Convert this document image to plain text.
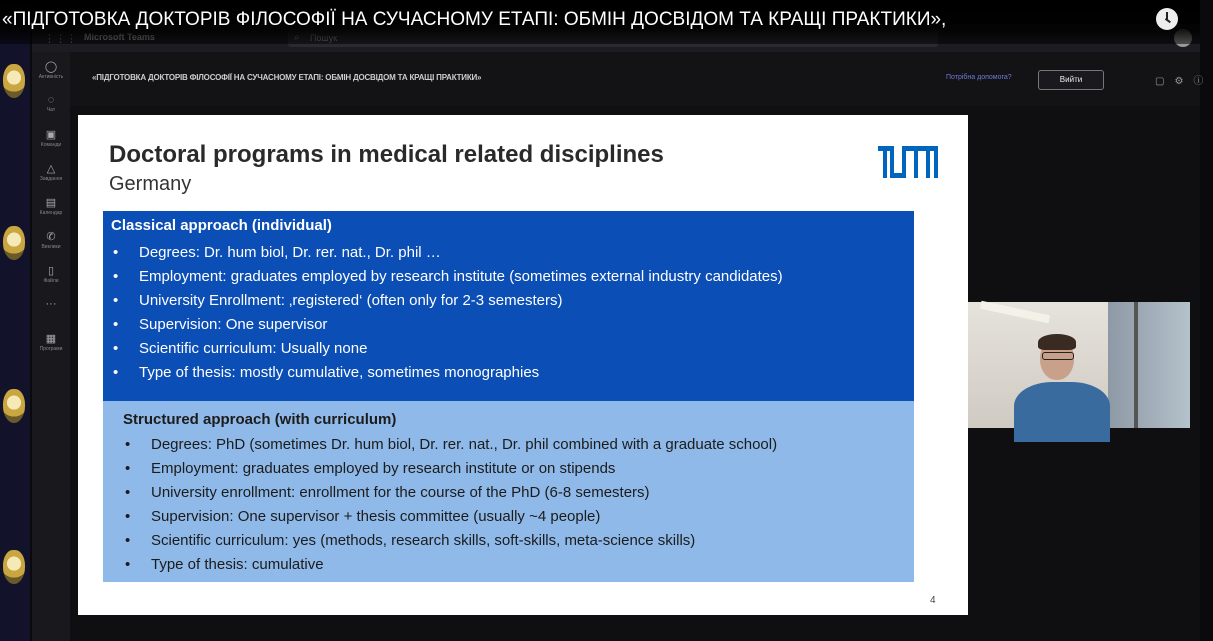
◯
Активність
◌
Чат
▣
Команди
△
Завдання
▤
Календар
✆
Виклики
▯
Файли
···
▦
Програми
«ПІДГОТОВКА ДОКТОРІВ ФІЛОСОФІЇ НА СУЧАСНОМУ ЕТАПІ: ОБМІН ДОСВІДОМ ТА КРАЩІ ПРАКТИКИ»	Потрібна допомога?	Вийти	▢⚙ⓘ
«ПІДГОТОВКА ДОКТОРІВ ФІЛОСОФІЇ НА СУЧАСНОМУ ЕТАПІ: ОБМІН ДОСВІДОМ ТА КРАЩІ ПРАКТИКИ»,
Doctoral programs in medical related disciplines
Germany
Classical approach (individual)
• Degrees: Dr. hum biol, Dr. rer. nat., Dr. phil …
• Employment: graduates employed by research institute (sometimes external industry candidates)
• University Enrollment: ‚registered‘ (often only for 2-3 semesters)
• Supervision: One supervisor
• Scientific curriculum: Usually none
• Type of thesis: mostly cumulative, sometimes monographies
Structured approach (with curriculum)
• Degrees: PhD (sometimes Dr. hum biol, Dr. rer. nat., Dr. phil combined with a graduate school)
• Employment: graduates employed by research institute or on stipends
• University enrollment: enrollment for the course of the PhD (6-8 semesters)
• Supervision: One supervisor + thesis committee (usually ~4 people)
• Scientific curriculum: yes (methods, research skills, soft-skills, meta-science skills)
• Type of thesis: cumulative
4
